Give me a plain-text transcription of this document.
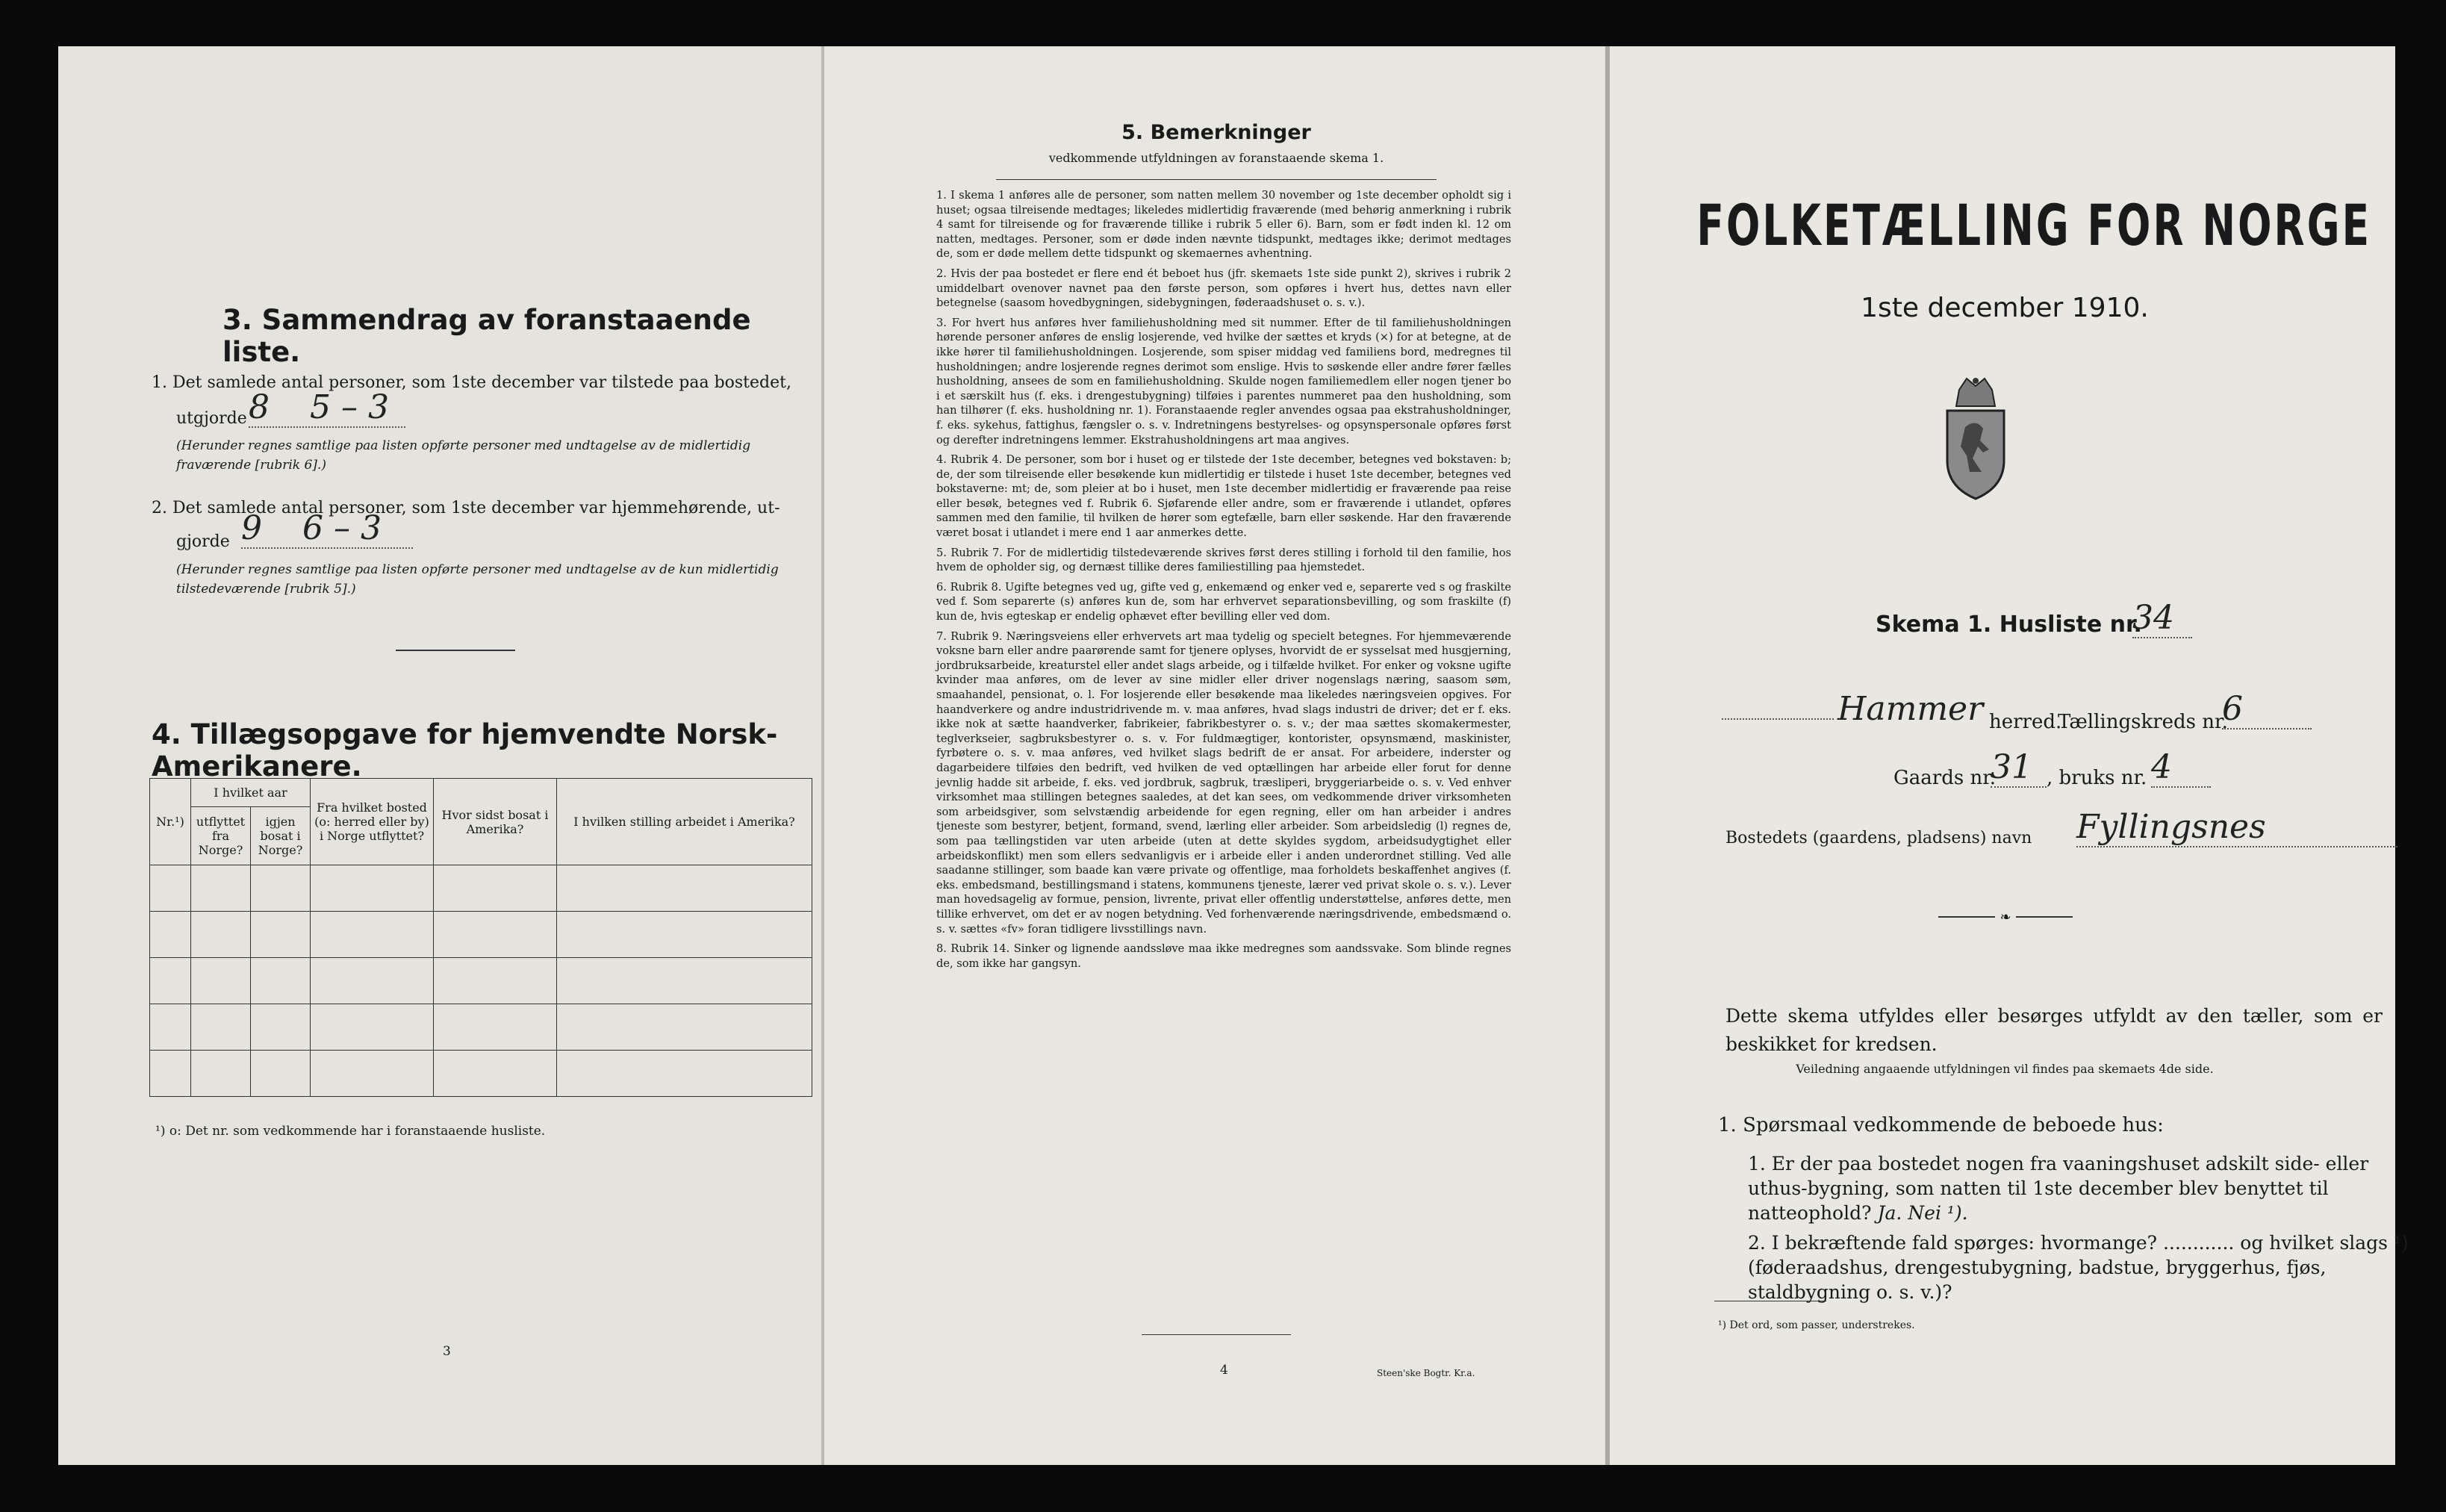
3. Sammendrag av foranstaaende liste.
1. Det samlede antal personer, som 1ste december var tilstede paa bostedet,
utgjorde 8 5 – 3
(Herunder regnes samtlige paa listen opførte personer med undtagelse av de midlertidig fraværende [rubrik 6].)
2. Det samlede antal personer, som 1ste december var hjemmehørende, ut-
gjorde 9 6 – 3
(Herunder regnes samtlige paa listen opførte personer med undtagelse av de kun midlertidig tilstedeværende [rubrik 5].)
4. Tillægsopgave for hjemvendte Norsk-Amerikanere.
Nr.¹)	I hvilket aar		Fra hvilket bosted (o: herred eller by) i Norge utflyttet?	Hvor sidst bosat i Amerika?	I hvilken stilling arbeidet i Amerika?
	utflyttet fra Norge?	igjen bosat i Norge?			

¹) o: Det nr. som vedkommende har i foranstaaende husliste.
3
5. Bemerkninger
vedkommende utfyldningen av foranstaaende skema 1.

1. I skema 1 anføres alle de personer, som natten mellem 30 november og 1ste december opholdt sig i huset; ogsaa tilreisende medtages; likeledes midlertidig fraværende (med behørig anmerkning i rubrik 4 samt for tilreisende og for fraværende tillike i rubrik 5 eller 6). Barn, som er født inden kl. 12 om natten, medtages. Personer, som er døde inden nævnte tidspunkt, medtages ikke; derimot medtages de, som er døde mellem dette tidspunkt og skemaernes avhentning.

2. Hvis der paa bostedet er flere end ét beboet hus (jfr. skemaets 1ste side punkt 2), skrives i rubrik 2 umiddelbart ovenover navnet paa den første person, som opføres i hvert hus, dettes navn eller betegnelse (saasom hovedbygningen, sidebygningen, føderaadshuset o. s. v.).

3. For hvert hus anføres hver familiehusholdning med sit nummer. Efter de til familiehusholdningen hørende personer anføres de enslig losjerende, ved hvilke der sættes et kryds (×) for at betegne, at de ikke hører til familiehusholdningen. Losjerende, som spiser middag ved familiens bord, medregnes til husholdningen; andre losjerende regnes derimot som enslige. Hvis to søskende eller andre fører fælles husholdning, ansees de som en familiehusholdning. Skulde nogen familiemedlem eller nogen tjener bo i et særskilt hus (f. eks. i drengestubygning) tilføies i parentes nummeret paa den husholdning, som han tilhører (f. eks. husholdning nr. 1). Foranstaaende regler anvendes ogsaa paa ekstrahusholdninger, f. eks. sykehus, fattighus, fængsler o. s. v. Indretningens bestyrelses- og opsynspersonale opføres først og derefter indretningens lemmer. Ekstrahusholdningens art maa angives.

4. Rubrik 4. De personer, som bor i huset og er tilstede der 1ste december, betegnes ved bokstaven: b; de, der som tilreisende eller besøkende kun midlertidig er tilstede i huset 1ste december, betegnes ved bokstaverne: mt; de, som pleier at bo i huset, men 1ste december midlertidig er fraværende paa reise eller besøk, betegnes ved f. Rubrik 6. Sjøfarende eller andre, som er fraværende i utlandet, opføres sammen med den familie, til hvilken de hører som egtefælle, barn eller søskende. Har den fraværende været bosat i utlandet i mere end 1 aar anmerkes dette.

5. Rubrik 7. For de midlertidig tilstedeværende skrives først deres stilling i forhold til den familie, hos hvem de opholder sig, og dernæst tillike deres familiestilling paa hjemstedet.

6. Rubrik 8. Ugifte betegnes ved ug, gifte ved g, enkemænd og enker ved e, separerte ved s og fraskilte ved f. Som separerte (s) anføres kun de, som har erhvervet separationsbevilling, og som fraskilte (f) kun de, hvis egteskap er endelig ophævet efter bevilling eller ved dom.

7. Rubrik 9. Næringsveiens eller erhvervets art maa tydelig og specielt betegnes. For hjemmeværende voksne barn eller andre paarørende samt for tjenere oplyses, hvorvidt de er sysselsat med husgjerning, jordbruksarbeide, kreaturstel eller andet slags arbeide, og i tilfælde hvilket. For enker og voksne ugifte kvinder maa anføres, om de lever av sine midler eller driver nogenslags næring, saasom søm, smaahandel, pensionat, o. l. For losjerende eller besøkende maa likeledes næringsveien opgives. For haandverkere og andre industridrivende m. v. maa anføres, hvad slags industri de driver; det er f. eks. ikke nok at sætte haandverker, fabrikeier, fabrikbestyrer o. s. v.; der maa sættes skomakermester, teglverkseier, sagbruksbestyrer o. s. v. For fuldmægtiger, kontorister, opsynsmænd, maskinister, fyrbøtere o. s. v. maa anføres, ved hvilket slags bedrift de er ansat. For arbeidere, inderster og dagarbeidere tilføies den bedrift, ved hvilken de ved optællingen har arbeide eller forut for denne jevnlig hadde sit arbeide, f. eks. ved jordbruk, sagbruk, træsliperi, bryggeriarbeide o. s. v. Ved enhver virksomhet maa stillingen betegnes saaledes, at det kan sees, om vedkommende driver virksomheten som arbeidsgiver, som selvstændig arbeidende for egen regning, eller om han arbeider i andres tjeneste som bestyrer, betjent, formand, svend, lærling eller arbeider. Som arbeidsledig (l) regnes de, som paa tællingstiden var uten arbeide (uten at dette skyldes sygdom, arbeidsudygtighet eller arbeidskonflikt) men som ellers sedvanligvis er i arbeide eller i anden underordnet stilling. Ved alle saadanne stillinger, som baade kan være private og offentlige, maa forholdets beskaffenhet angives (f. eks. embedsmand, bestillingsmand i statens, kommunens tjeneste, lærer ved privat skole o. s. v.). Lever man hovedsagelig av formue, pension, livrente, privat eller offentlig understøttelse, anføres dette, men tillike erhvervet, om det er av nogen betydning. Ved forhenværende næringsdrivende, embedsmænd o. s. v. sættes «fv» foran tidligere livsstillings navn.

8. Rubrik 14. Sinker og lignende aandssløve maa ikke medregnes som aandssvake. Som blinde regnes de, som ikke har gangsyn.

4	Steen'ske Bogtr. Kr.a.
FOLKETÆLLING FOR NORGE
1ste december 1910.
Skema 1. Husliste nr.
34
Hammer herred.
Tællingskreds nr.
6
Gaards nr.
31 , bruks nr. 4
Bostedets (gaardens, pladsens) navn Fyllingsnes
❧
Dette skema utfyldes eller besørges utfyldt av den tæller, som er beskikket for kredsen.
Veiledning angaaende utfyldningen vil findes paa skemaets 4de side.
1. Spørsmaal vedkommende de beboede hus:
1. Er der paa bostedet nogen fra vaaningshuset adskilt side- eller uthus-bygning, som natten til 1ste december blev benyttet til natteophold? Ja. Nei ¹).
2. I bekræftende fald spørges: hvormange? ............ og hvilket slags ¹) (føderaadshus, drengestubygning, badstue, bryggerhus, fjøs, staldbygning o. s. v.)?
¹) Det ord, som passer, understrekes.
